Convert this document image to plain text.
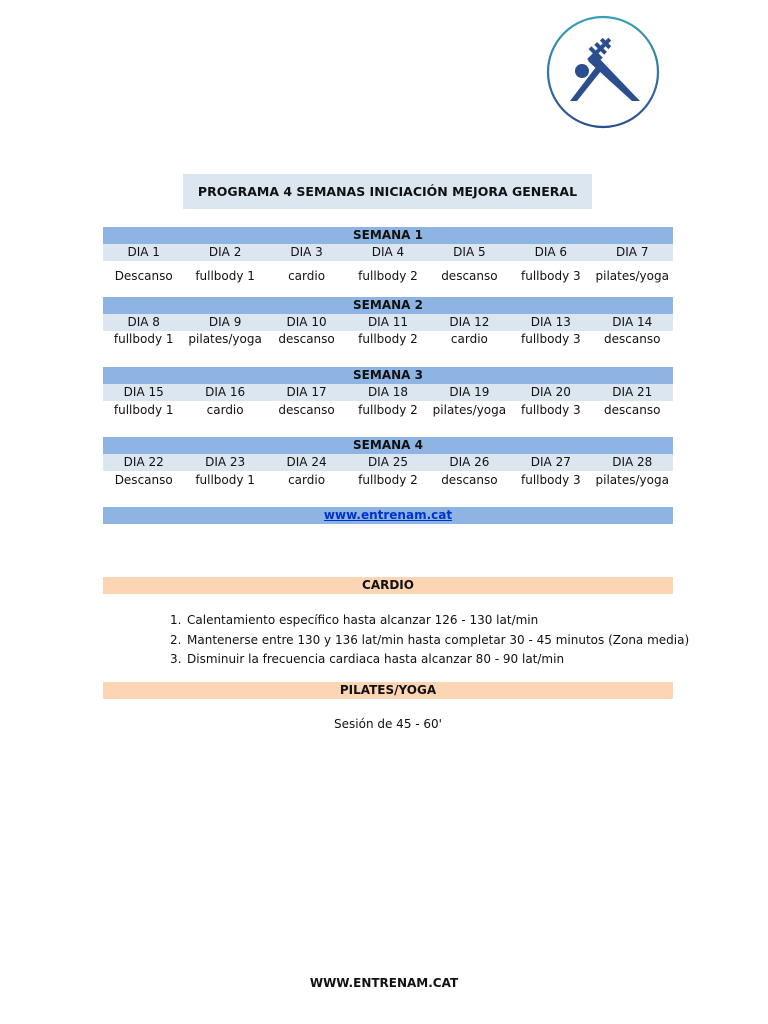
PROGRAMA 4 SEMANAS INICIACIÓN MEJORA GENERAL
SEMANA 1
DIA 1	DIA 2	DIA 3	DIA 4	DIA 5	DIA 6	DIA 7
Descanso	fullbody 1	cardio	fullbody 2	descanso	fullbody 3	pilates/yoga
SEMANA 2
DIA 8	DIA 9	DIA 10	DIA 11	DIA 12	DIA 13	DIA 14
fullbody 1	pilates/yoga	descanso	fullbody 2	cardio	fullbody 3	descanso
SEMANA 3
DIA 15	DIA 16	DIA 17	DIA 18	DIA 19	DIA 20	DIA 21
fullbody 1	cardio	descanso	fullbody 2	pilates/yoga	fullbody 3	descanso
SEMANA 4
DIA 22	DIA 23	DIA 24	DIA 25	DIA 26	DIA 27	DIA 28
Descanso	fullbody 1	cardio	fullbody 2	descanso	fullbody 3	pilates/yoga
www.entrenam.cat
CARDIO
1. Calentamiento específico hasta alcanzar 126 - 130 lat/min
2. Mantenerse entre 130 y 136 lat/min hasta completar 30 - 45 minutos (Zona media)
3. Disminuir la frecuencia cardiaca hasta alcanzar 80 - 90 lat/min
PILATES/YOGA
Sesión de 45 - 60'
WWW.ENTRENAM.CAT
